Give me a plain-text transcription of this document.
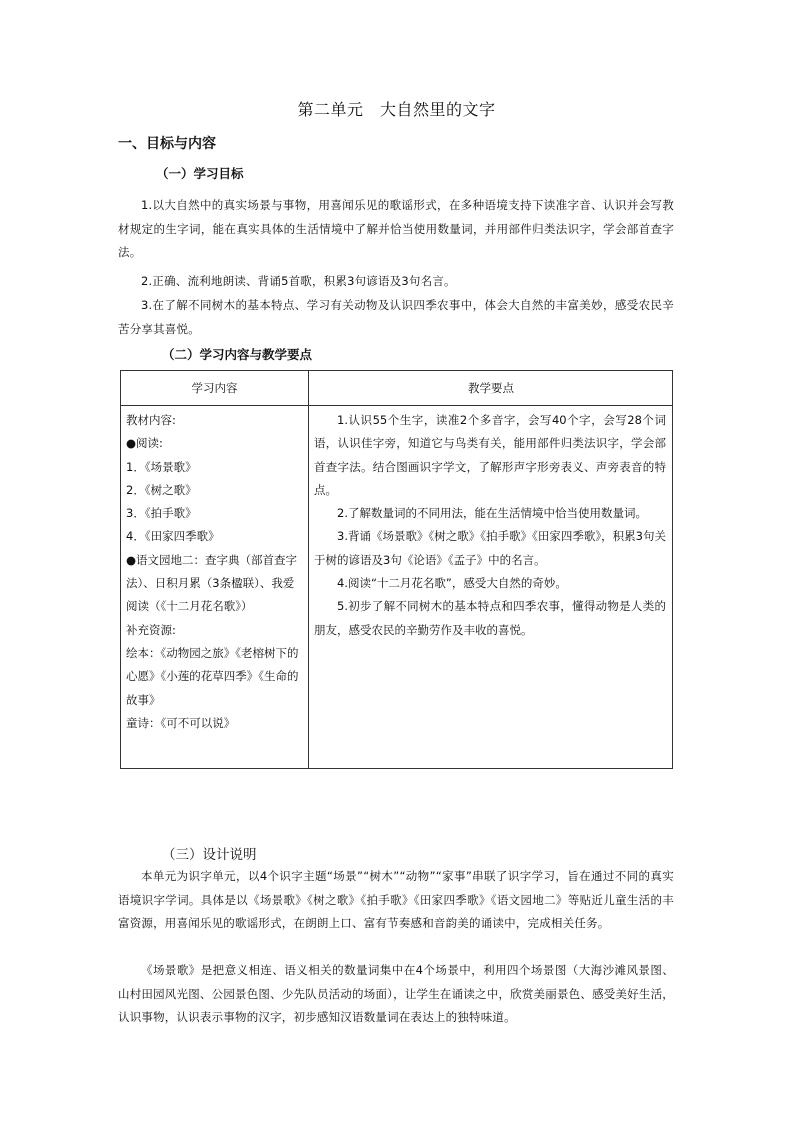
第二单元　大自然里的文字
一、目标与内容
（一）学习目标
1.以大自然中的真实场景与事物，用喜闻乐见的歌谣形式，在多种语境支持下读准字音、认识并会写教材规定的生字词，能在真实具体的生活情境中了解并恰当使用数量词，并用部件归类法识字，学会部首查字法。
2.正确、流利地朗读、背诵5首歌，积累3句谚语及3句名言。
3.在了解不同树木的基本特点、学习有关动物及认识四季农事中，体会大自然的丰富美妙，感受农民辛苦分享其喜悦。
（二）学习内容与教学要点
学习内容	教学要点
教材内容:
●阅读:
1．《场景歌》
2．《树之歌》
3．《拍手歌》
4．《田家四季歌》
●语文园地二：查字典（部首查字法）、日积月累（3条楹联）、我爱阅读（《十二月花名歌》）
补充资源:
绘本：《动物园之旅》《老榕树下的心愿》《小莲的花草四季》《生命的故事》
童诗：《可不可以说》

1.认识55个生字，读准2个多音字，会写40个字，会写28个词语，认识佳字旁，知道它与鸟类有关，能用部件归类法识字，学会部首查字法。结合图画识字学文，了解形声字形旁表义、声旁表音的特点。

2.了解数量词的不同用法，能在生活情境中恰当使用数量词。

3.背诵《场景歌》《树之歌》《拍手歌》《田家四季歌》，积累3句关于树的谚语及3句《论语》《孟子》中的名言。

4.阅读“十二月花名歌”，感受大自然的奇妙。

5.初步了解不同树木的基本特点和四季农事，懂得动物是人类的朋友，感受农民的辛勤劳作及丰收的喜悦。

（三）设计说明
本单元为识字单元，以4个识字主题“场景”“树木”“动物”“家事”串联了识字学习，旨在通过不同的真实语境识字学词。具体是以《场景歌》《树之歌》《拍手歌》《田家四季歌》《语文园地二》等贴近儿童生活的丰富资源，用喜闻乐见的歌谣形式，在朗朗上口、富有节奏感和音韵美的诵读中，完成相关任务。
《场景歌》是把意义相连、语义相关的数量词集中在4个场景中，利用四个场景图（大海沙滩风景图、山村田园风光图、公园景色图、少先队员活动的场面），让学生在诵读之中，欣赏美丽景色、感受美好生活，认识事物，认识表示事物的汉字，初步感知汉语数量词在表达上的独特味道。
